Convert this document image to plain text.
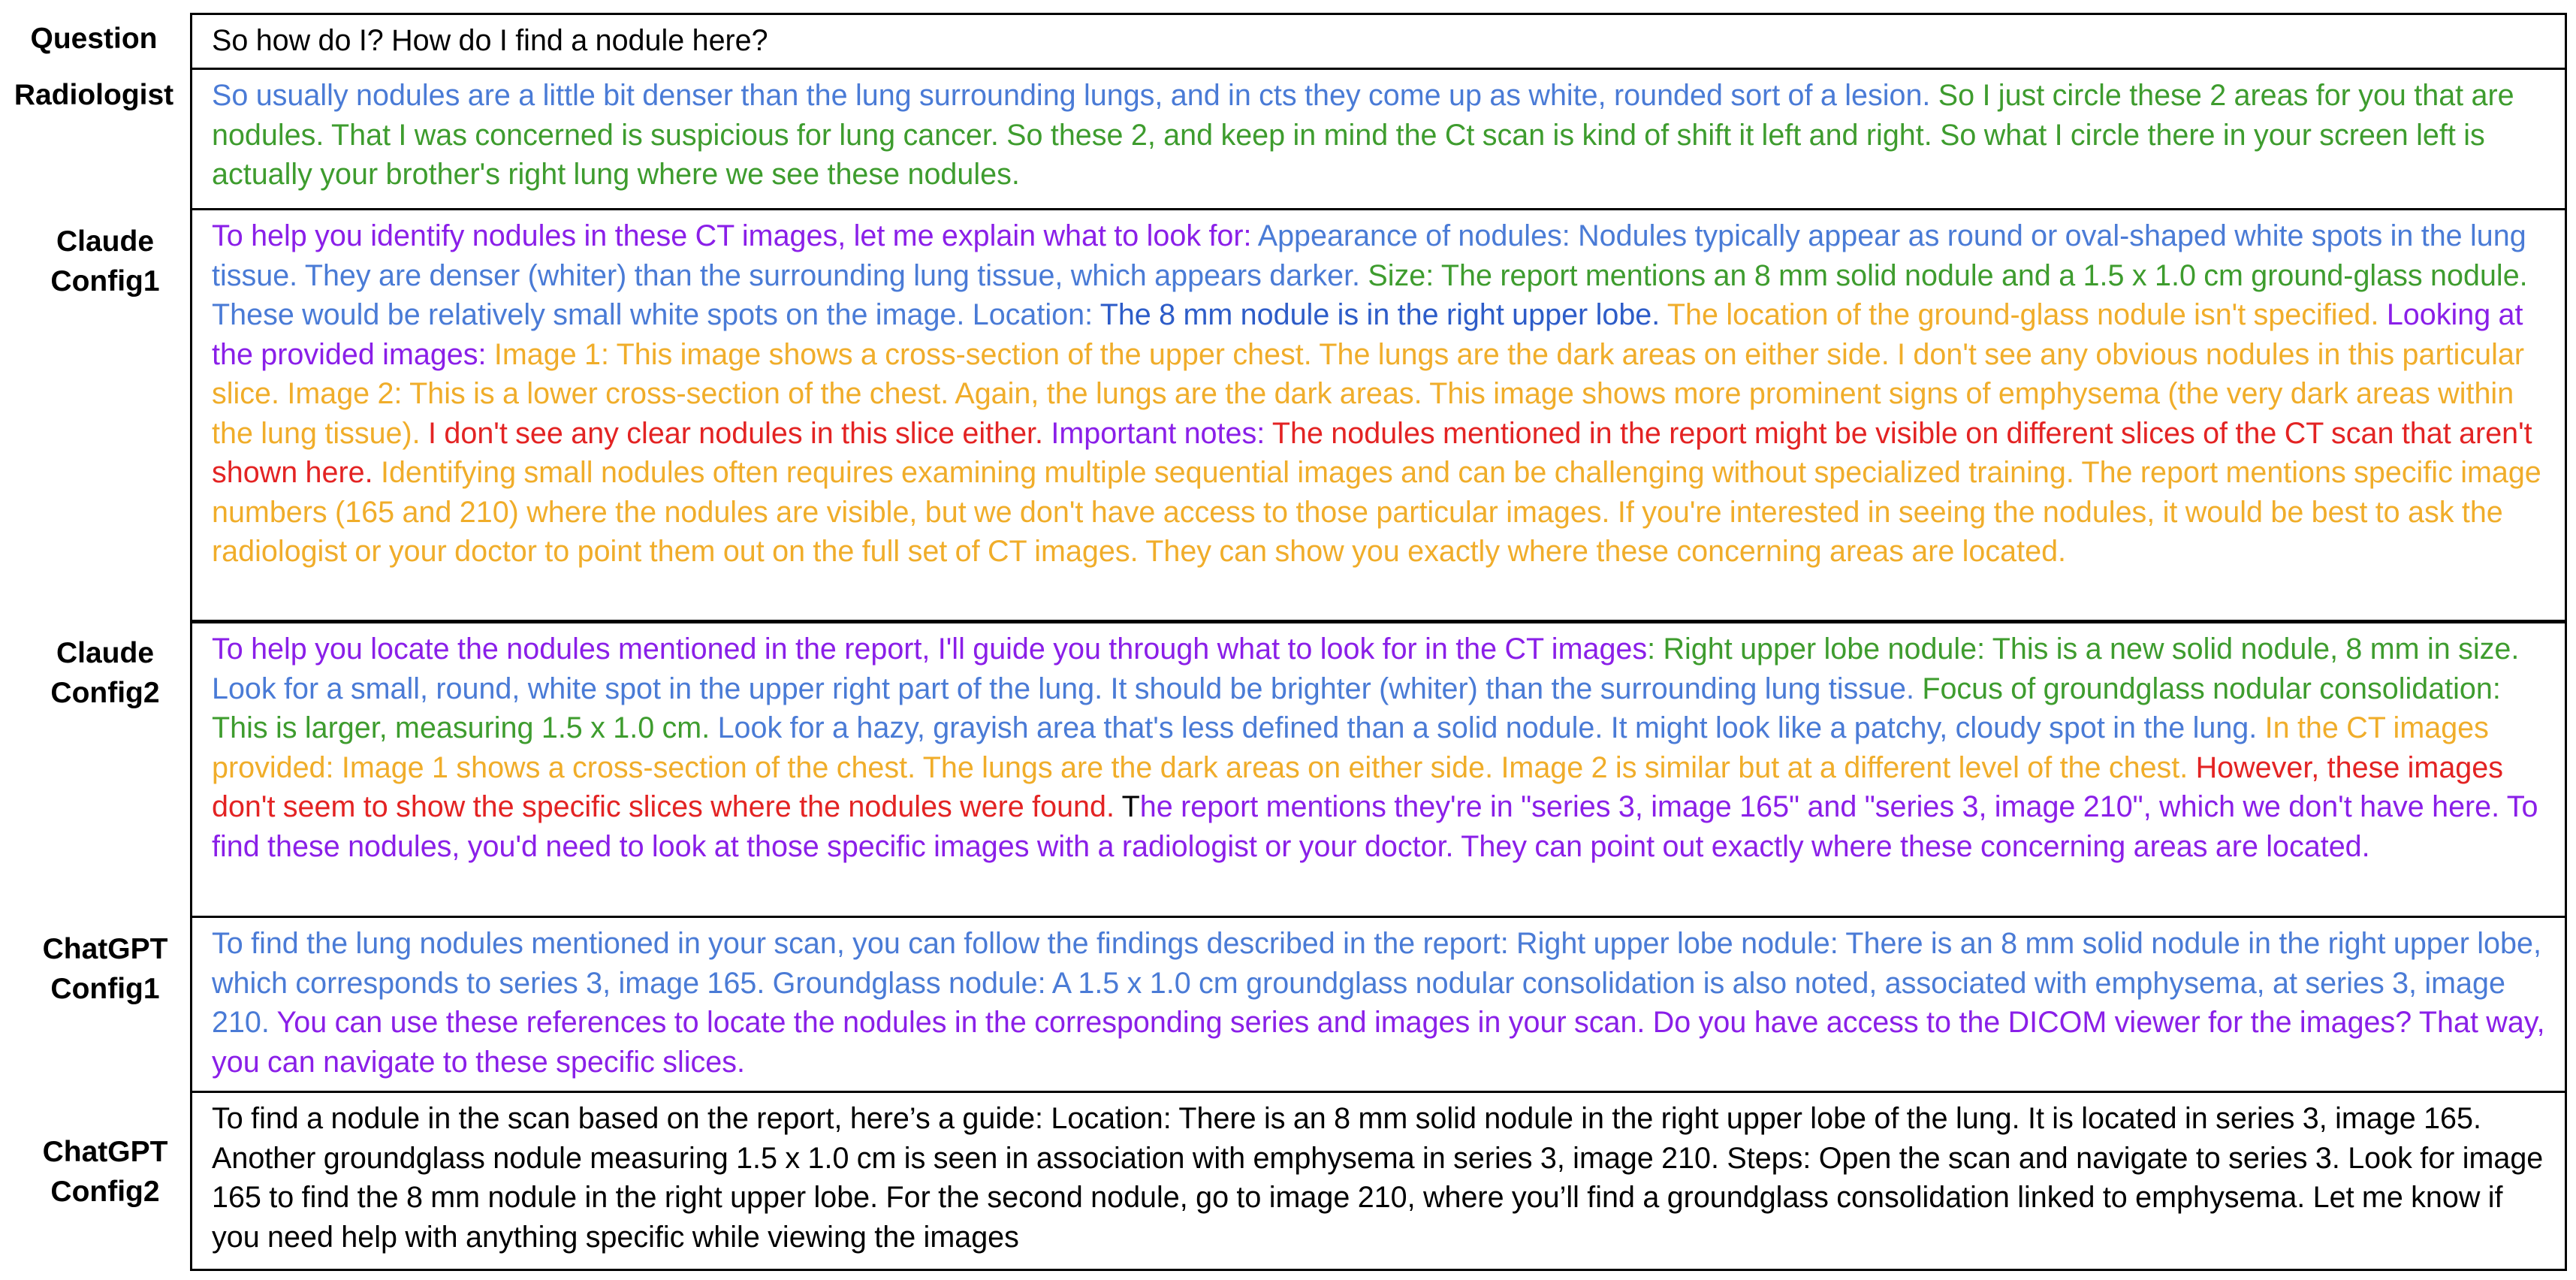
Question	So how do I? How do I find a nodule here?
Radiologist	So usually nodules are a little bit denser than the lung surrounding lungs, and in cts they come up as white, rounded sort of a lesion. So I just circle these 2 areas for you that are nodules. That I was concerned is suspicious for lung cancer. So these 2, and keep in mind the Ct scan is kind of shift it left and right. So what I circle there in your screen left is actually your brother's right lung where we see these nodules.
Claude
Config1
To help you identify nodules in these CT images, let me explain what to look for: Appearance of nodules: Nodules typically appear as round or oval-shaped white spots in the lung tissue. They are denser (whiter) than the surrounding lung tissue, which appears darker. Size: The report mentions an 8 mm solid nodule and a 1.5 x 1.0 cm ground-glass nodule. These would be relatively small white spots on the image. Location: The 8 mm nodule is in the right upper lobe. The location of the ground-glass nodule isn't specified. Looking at the provided images: Image 1: This image shows a cross-section of the upper chest. The lungs are the dark areas on either side. I don't see any obvious nodules in this particular slice. Image 2: This is a lower cross-section of the chest. Again, the lungs are the dark areas. This image shows more prominent signs of emphysema (the very dark areas within the lung tissue). I don't see any clear nodules in this slice either. Important notes: The nodules mentioned in the report might be visible on different slices of the CT scan that aren't shown here. Identifying small nodules often requires examining multiple sequential images and can be challenging without specialized training. The report mentions specific image numbers (165 and 210) where the nodules are visible, but we don't have access to those particular images. If you're interested in seeing the nodules, it would be best to ask the radiologist or your doctor to point them out on the full set of CT images. They can show you exactly where these concerning areas are located.
Claude
Config2
To help you locate the nodules mentioned in the report, I'll guide you through what to look for in the CT images: Right upper lobe nodule: This is a new solid nodule, 8 mm in size. Look for a small, round, white spot in the upper right part of the lung. It should be brighter (whiter) than the surrounding lung tissue. Focus of groundglass nodular consolidation: This is larger, measuring 1.5 x 1.0 cm. Look for a hazy, grayish area that's less defined than a solid nodule. It might look like a patchy, cloudy spot in the lung. In the CT images provided: Image 1 shows a cross-section of the chest. The lungs are the dark areas on either side. Image 2 is similar but at a different level of the chest. However, these images don't seem to show the specific slices where the nodules were found. The report mentions they're in "series 3, image 165" and "series 3, image 210", which we don't have here. To find these nodules, you'd need to look at those specific images with a radiologist or your doctor. They can point out exactly where these concerning areas are located.
ChatGPT
Config1
To find the lung nodules mentioned in your scan, you can follow the findings described in the report: Right upper lobe nodule: There is an 8 mm solid nodule in the right upper lobe, which corresponds to series 3, image 165. Groundglass nodule: A 1.5 x 1.0 cm groundglass nodular consolidation is also noted, associated with emphysema, at series 3, image 210. You can use these references to locate the nodules in the corresponding series and images in your scan. Do you have access to the DICOM viewer for the images? That way, you can navigate to these specific slices.
ChatGPT
Config2
To find a nodule in the scan based on the report, here’s a guide: Location: There is an 8 mm solid nodule in the right upper lobe of the lung. It is located in series 3, image 165. Another groundglass nodule measuring 1.5 x 1.0 cm is seen in association with emphysema in series 3, image 210. Steps: Open the scan and navigate to series 3. Look for image 165 to find the 8 mm nodule in the right upper lobe. For the second nodule, go to image 210, where you’ll find a groundglass consolidation linked to emphysema. Let me know if you need help with anything specific while viewing the images
